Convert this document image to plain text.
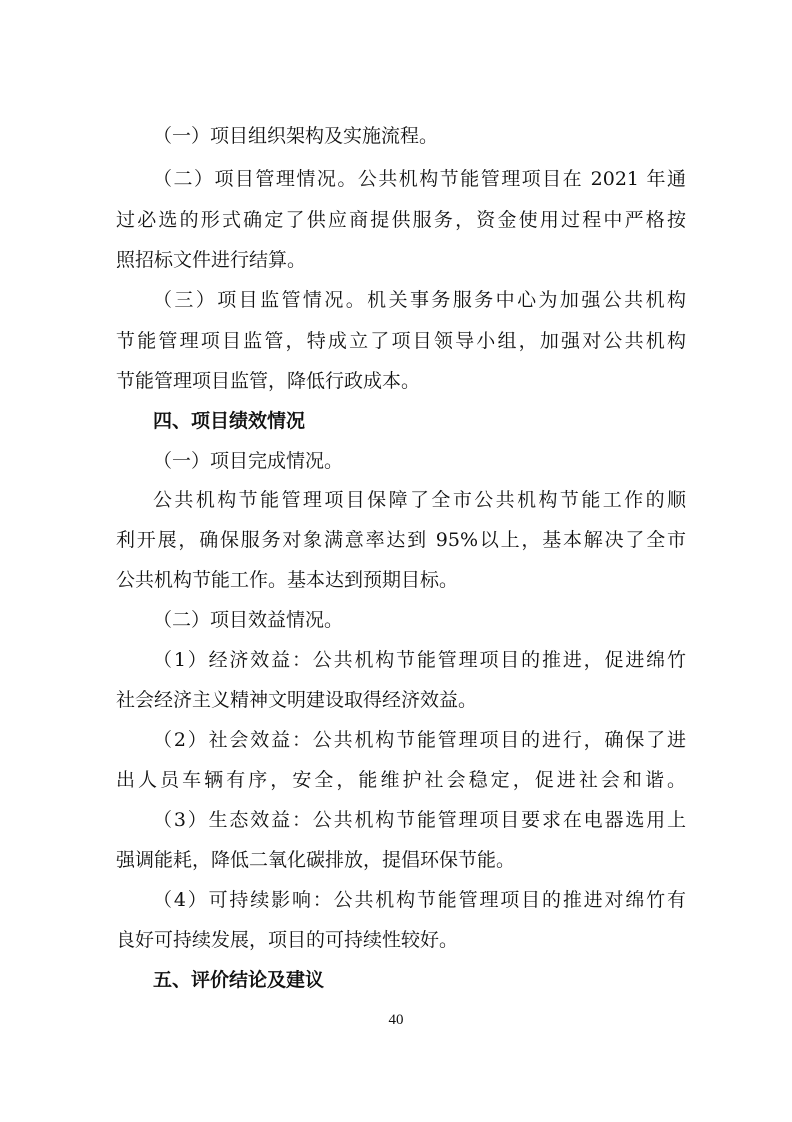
（一）项目组织架构及实施流程。
（二）项目管理情况。公共机构节能管理项目在 2021 年通
过必选的形式确定了供应商提供服务，资金使用过程中严格按
照招标文件进行结算。
（三）项目监管情况。机关事务服务中心为加强公共机构
节能管理项目监管，特成立了项目领导小组，加强对公共机构
节能管理项目监管，降低行政成本。
四、项目绩效情况
（一）项目完成情况。
公共机构节能管理项目保障了全市公共机构节能工作的顺
利开展，确保服务对象满意率达到 95%以上，基本解决了全市
公共机构节能工作。基本达到预期目标。
（二）项目效益情况。
（1）经济效益：公共机构节能管理项目的推进，促进绵竹
社会经济主义精神文明建设取得经济效益。
（2）社会效益：公共机构节能管理项目的进行，确保了进
出人员车辆有序，安全，能维护社会稳定，促进社会和谐。
（3）生态效益：公共机构节能管理项目要求在电器选用上
强调能耗，降低二氧化碳排放，提倡环保节能。
（4）可持续影响：公共机构节能管理项目的推进对绵竹有
良好可持续发展，项目的可持续性较好。
五、评价结论及建议
40
